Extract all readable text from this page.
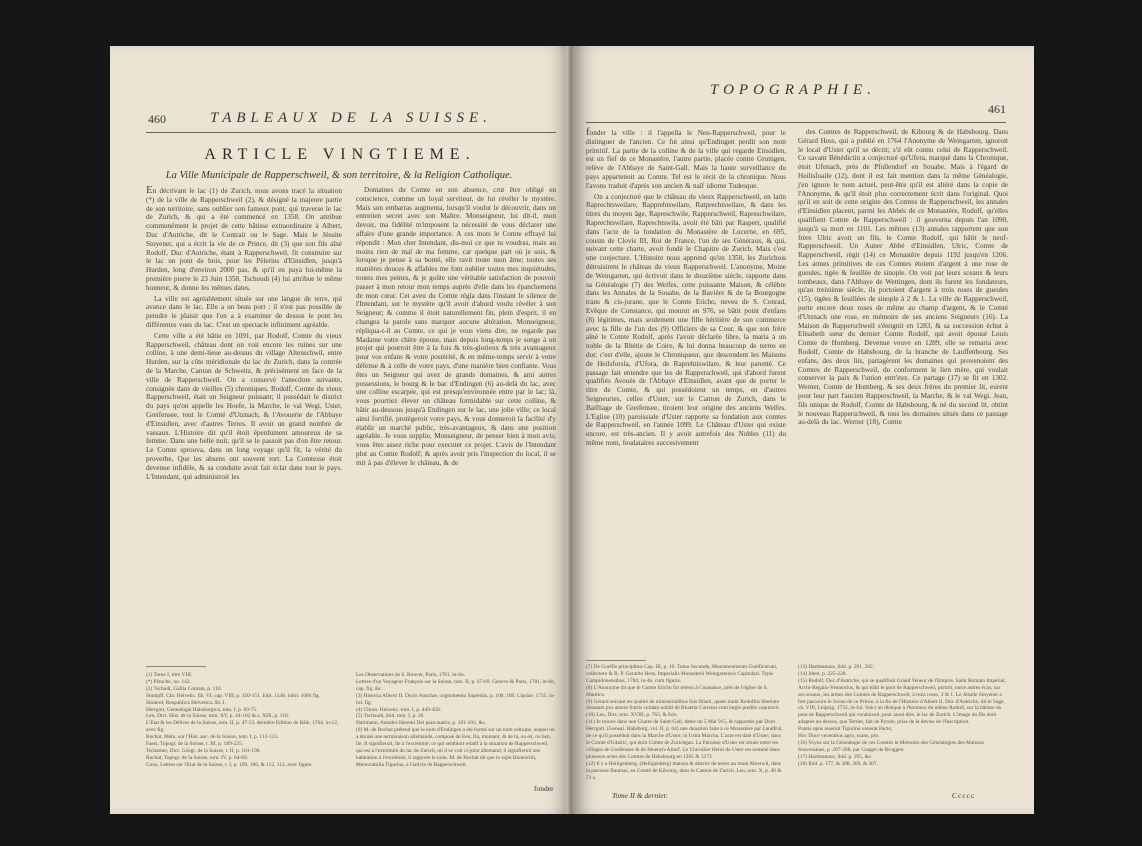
460	TABLEAUX DE LA SUISSE.
ARTICLE VINGTIEME.
La Ville Municipale de Rapperschweil, & son territoire, & la Religion Catholique.

En décrivant le lac (1) de Zurich, nous avons tracé la situation (*) de la ville de Rapperschweil (2), & désigné la majeure partie de son territoire, sans oublier son fameux pont, qui traverse le lac de Zurich, & qui a été commencé en 1358. On attribue communément le projet de cette bâtisse extraordinaire à Albert, Duc d'Autriche, dit le Contrait ou le Sage. Mais le Jésuite Stoyener, qui a écrit la vie de ce Prince, dit (3) que son fils aîné Rodolf, Duc d'Autriche, étant à Rapperschweil, fit construire sur le lac un pont de bois, pour les Pèlerins d'Einsidlen, jusqu'à Hurden, long d'environ 2000 pas, & qu'il en paya lui-même la première pierre le 23 Juin 1358. Tschoudi (4) lui attribue le même honneur, & donne les mêmes dates.

La ville est agréablement située sur une langue de terre, qui avance dans le lac. Elle a un beau port : il n'est pas possible de peindre le plaisir que l'on a à examiner de dessus le pont les différentes vues du lac. C'est un spectacle infiniment agréable.

Cette ville a été bâtie en 1091, par Rodolf, Comte du vieux Rapperschweil, château dont on voit encore les ruines sur une colline, à une demi-lieue au-dessus du village Altenschwil, entre Hurden, sur la côte méridionale du lac de Zurich, dans la contrée de la Marche, Canton de Schweitz, & précisément en face de la ville de Rapperschweil. On a conservé l'anecdote suivante, consignée dans de vieilles (5) chroniques. Rodolf, Comte du vieux Rapperschweil, était un Seigneur puissant; il possédait le district du pays qu'on appelle les Hoefe, la Marche, le val Wegi, Uster, Greifensee, tout le Comté d'Utznach, & l'Avouerie de l'Abbaye d'Einsidlen, avec d'autres Terres. Il avoit un grand nombre de vassaux. L'Histoire dit qu'il étoit éperdument amoureux de sa femme. Dans une belle nuit, qu'il se le passoit pas d'en être retour. Le Comte sprouva, dans un long voyage qu'il fit, la vérité du proverbe, Que les absens ont souvent tort. La Comtesse étoit devenue infidèle, & sa conduite avoit fait éclat dans tout le pays. L'Intendant, qui administroit les

Domaines du Comte en son absence, crut être obligé en conscience, comme un loyal serviteur, de lui révéler le mystère. Mais son embarras augmenta, lorsqu'il voulut le découvrir, dans un entretien secret avec son Maître. Monseigneur, lui dit-il, mon devoir, ma fidélité m'imposent la nécessité de vous déclarer une affaire d'une grande importance. A ces mots le Comte effrayé lui répondit : Mon cher Intendant, dis-moi ce que tu voudras, mais au moins rien de mal de ma femme, car quelque part où je sois, & lorsque je pense à sa bonté, elle ravit toute mon âme; toutes ses manières douces & affables me font oublier toutes mes inquiétudes, toutes mes peines, & je goûte une véritable satisfaction de pouvoir passer à mon retour mon temps auprès d'elle dans les épanchemens de mon cœur. Cet aveu du Comte régla dans l'instant le silence de l'Intendant, sur le mystère qu'il avoit d'abord voulu révéler à son Seigneur; & comme il étoit naturellement fin, plein d'esprit, il en changea la parole sans marquer aucune altération. Monseigneur, répliqua-t-il au Comte, ce qui je vous viens dire, ne regarde pas Madame votre chère épouse, mais depuis long-temps je songe à un projet qui pourroit être à la fois & très-glorieux & très avantageux pour vos enfans & votre postérité, & en même-temps servir à votre défense & à celle de votre pays, d'une manière bien confiante. Vous êtes un Seigneur qui avez de grands domaines, & ami autres possessions, le bourg & le bac d'Endingen (6) au-delà du lac, avec une colline escarpée, qui est presqu'environnée entre par le lac; là, vous pourriez élever un château formidable sur cette colline, & bâtir au-dessous jusqu'à Endingen sur le lac, une jolie ville; ce local ainsi fortifié, protégeroit votre pays, & vous donneroit la facilité d'y établir un marché public, très-avantageux, & dans une position agréable. Je vous supplie, Monseigneur, de penser bien à mon avis; vous êtes assez riche pour executer ce projet. L'avis de l'Intendant plut au Comte Rodolf; & après avoir pris l'inspection du local, il se mit à pas d'élever le château, & de

(1) Tome I, titre VIII.
(*) Planche, no. 142.
(2) Tschudi, Gallia Comata, p. 110.
Stumpff, Chr. Helvetic. lib. VI. cap. VIII, p. 150-151. Edit. 1548, infol. 1606 fig.
Simlerd, Respublica Helvetica. lib. I.
Herrgott, Genealogia Habsburgica, tom. I, p. 69-75.
Leu, Dict. Hist. de la Suisse, tom. XV, p. 44-102 & s. XIX, p. 118.
L'Etat & les Délices de la Suisse, tom. II, p. 47-53, dernière Edition de Bâle, 1764, in-12, avec fig.
Bochat, Mém. sur l'Hist. anc. de la Suisse, tom. I, p. 112-113.
Faesi, Topogr. de la Suisse, t. III, p. 189-225.
Tscharner, Dict. Géogr. de la Suisse, t. II, p. 101-190.
Ruchat, Topogr. de la Suisse, tom. IV, p. 64-69.
Coxe, Lettres sur l'Etat de la Suisse, t. I, p. 109, 106, & 112, 113, avec figure.
Les Observations de S. Rouvet, Paris, 1781, in-8o.
Lettres d'un Voyageur François sur la Suisse, tom. II, p. 67-69. Genève & Paris, 1781, in-8o, cap. fig. &c.
(3) Historia Alberti II. Ducis Austriae, cognomento Sapientis, p. 108, 169, Lipsiae, 1735, in-fol. fig.
(4) Chron. Helvetic. tom. I, p. 449-450.
(5) Tschoudi, ibid. tom. I, p. 20.
Hartmann, Annales Heremi Dei para matris, p. 101-103, &c.
(6) M. de Bochat prétend que le nom d'Endingen a été formé sur un nom celtique, auquel on a donné une terminaison allemande, composé de Een, fin, montant, & de ta, ou en, ou hen, île. Il signifieroit, île à l'extrémité; ce qui sembloit relatif à la situation de Rapperschweil, qui est à l'extrémité du lac de Zurich, où il se voit ci-joint allemand, il signifieroit une habitation à l'extrémité, il rapporte le nom. M. de Bochat dit que le sujet Bluntschli, Memorabilia Tigurina, à l'article de Rapperschweil.
fonder
TOPOGRAPHIE.
461

fonder la ville : il l'appella le Neu-Rapperschweil, pour le distinguer de l'ancien. Ce fut ainsi qu'Endingen perdit son nom primitif. La partie de la colline & de la ville qui regarde Einsidlen, est un fief de ce Monastère, l'autre partie, placée contre Grunigen, relève de l'Abbaye de Saint-Gall. Mais la haute surveillance du pays appartenoit au Comte. Tel est le récit de la chronique. Nous l'avons traduit d'après son ancien & naïf idiome Tudesque.

On a conjecturé que le château du vieux Rapperschweil, en latin Raprechtsweilare, Rapprehtswilare, Ratprechtswilare, & dans les titres du moyen âge, Rapreschwile, Rapperschweil, Rapreschwilare, Raprechtswilare, Raprechtswila, avoit été bâti par Raspert, qualifié dans l'acte de la fondation du Monastère de Lucerne, en 695, cousin de Clovis III, Roi de France, l'un de ses Généraux, & qui, suivant cette charte, avoit fondé le Chapitre de Zurich. Mais c'est une conjecture. L'Histoire nous apprend qu'en 1350, les Zurichois détruisirent le château du vieux Rapperschweil. L'anonyme, Moine de Weingarten, qui écrivoit dans le douzième siècle, rapporte dans sa Généalogie (7) des Welfes, cette puissante Maison, & célèbre dans les Annales de la Souabe, de la Bavière & de la Bourgogne trans & cis-jurane, que le Comte Eticho, neveu de S. Conrad, Evêque de Constance, qui mourut en 976, se bâtit point d'enfans (8) légitimes, mais seulement une fille héritière de son commerce avec la fille de l'un des (9) Officiers de sa Cour, & que son frère aîné le Comte Rodolf, après l'avoir déclarée libre, la maria à un noble de la Rhétie de Coire, & lui donna beaucoup de terres en dot; c'est d'elle, ajoute le Chroniqueur, que descendent les Maisons de Heilsforsla, d'Ufora, de Raprehtiswilare, & leur parenté. Ce passage fait entendre que les de Rapperschweil, qui d'abord furent qualifiés Avoués de l'Abbaye d'Einsidlen, avant que de porter le titre de Comte, & qui possédoient un temps, en d'autres Seigneuries, celles d'Uster, sur le Canton de Zurich, dans le Bailliage de Greifensee, tiroient leur origine des anciens Welfes. L'Eglise (10) paroissiale d'Uster rapporte sa fondation aux comtes de Rapperschweil, en l'année 1099. Le Château d'Uster qui existe encore, est très-ancien. Il y avoit autrefois des Nobles (11) du même nom, feudataires succesivement

des Comtes de Rapperschweil, de Kibourg & de Habsbourg. Dans Gérard Hess, qui a publié en 1764 l'Anonyme de Weingarten, ignoroit le local d'Uster qu'il se décrit; s'il eût connu celui de Rapperschweil. Ce savant Bénédictin a conjecturé qu'Ufera, marqué dans la Chronique, étoit Ufenach, près de Pfullendorf en Souabe. Mais à l'égard de Heilisfoaile (12), dont il est fait mention dans la même Généalogie, j'en ignore le nom actuel, peut-être qu'il est altéré dans la copie de l'Anonyme, & qu'il étoit plus correctement écrit dans l'original. Quoi qu'il en soit de cette origine des Comtes de Rapperschweil, les annales d'Einsidlen placent, parmi les Abbés de ce Monastère, Rodolf, qu'elles qualifient Comte de Rapperschweil : il gouverna depuis l'an 1090, jusqu'à sa mort en 1101. Les mêmes (13) annales rapportent que son frère Ulric avoit un fils, le Comte Rodolf, qui bâtit le neuf-Rapperschweil. Un Auner Abbé d'Einsidlen, Ulric, Comte de Rapperschweil, régit (14) ce Monastère depuis 1192 jusqu'en 1206. Les armes primitives de ces Comtes étoient d'argent à une rose de gueules, tigée & feuillée de sinople. On voit par leurs sceaux & leurs tombeaux, dans l'Abbaye de Wettingen, dont ils furent les fondateurs, qu'au treizième siècle, ils portoient d'argent à trois roses de gueules (15), tigées & feuillées de sinople à 2 & 1. La ville de Rapperschweil, porte encore deux roses de même au champ d'argent, & le Comté d'Utznach une rose, en mémoire de ses anciens Seigneurs (16). La Maison de Rapperschweil s'éteignit en 1283, & sa succession échut à Elisabeth sœur du dernier Comte Rodolf, qui avoit épousé Louis Comte de Homberg. Devenue veuve en 1289, elle se remaria avec Rodolf, Comte de Habsbourg, de la branche de Lauffenbourg. Ses enfans, des deux lits, partagèrent les domaines qui provenoient des Comtes de Rapperschweil, du conforment le lien mère, qui voulait conserver la paix & l'union entr'eux. Ce partage (17) se fit en 1302. Werner, Comte de Homberg, & ses deux frères du premier lit, eurent pour leur part l'ancien Rapperschweil, la Marche, & le val Wegi. Jean, fils unique de Rodolf, Comte de Habsbourg, & né du second lit, obtint le nouveau Rapperschweil, & tous les domaines situés dans ce passage au-delà du lac. Werner (18), Comte

(7) De Guelfis principibus Cap. III, p. 10. Tomo Secundo, Monumentorum Guelficorum, collectore & R. P. Gerardo Hess, Imperialis Monasterii Weingartensis Capitulari. Typis Campidonensibus, 1784; in-4o, cum figuris.
(8) L'Anonyme dit que le Comte Eticho fut retenu à Constance, près de l'église de S. Maurice.
(9) Gérard suivant en qualité de ministérialibus fuis filiam, quam tradit Rodolfus libertate donatam pro amore fratris cuidam nobili de Rhaetia Curiensi cum largis prediis copulavit.
(10) Leu, Dict. tom. XVIII, p. 763, & fuiv.
(11) Je trouve dans une Charte de Saint-Gall, datée du 5 Mai 915, & rapportée par Dom Herrgott, (Geneal. Habsburg, vol. II, p. 64) une donation faite à ce Monastère par Landfrid, de ce qu'il possédoit dans la Marche d'Uster, in Ustra Marcha. L'acte est daté d'Uster; dans le Comté d'Udalric, qui étoit Comte de Zurichgau. La Paroisse d'Uster est située entre les villages de Greifensee & de Muench-Altorf. Le Chevalier Henri de Uster est nommé dans plusieurs actes des Comtes de Habsbourg en 1265 & 1273.
(12) Il y a Heiligenberg, (Heiligenberg) maison & district de terres au mont Moerwil, dans la paroisse Baumas, au Comté de Kibourg, dans le Canton de Zurich. Leu, tom. X, p. 40 & 71 s.
(13) Hartmannus, ibid. p. 201, 202.
(14) Idem, p. 225-228.
(15) Rodolf, Duc d'Autriche, qui se qualifioit Grand Veneur de l'Empire, Saint Romain Impérial, Archi-Regalis-Venatorius, & qui bâtit le pont de Rapperschweil, portoit, outre autres écus, sur ses sceaux, les armes des Comtes de Rapperschweil, à trois roses, 2 & 1. Le Jésuite Stoyener a fort parcouru le Sceau de ce Prince, à la fin de l'Histoire d'Albert II, Duc d'Autriche, dit le Sage, ch. VIII, Leipzig, 1733, in-fol. Voici un distique à l'honneur du même Rodolf, sur la bâtisse du pont de Rapperschweil qui conduisoit, pour aussi dire, le lac de Zurich. L'image du fils étoit adaptée au-dessus, que Terrier, fait de Pyrole, prise de la devise de l'Inscription.
Pontis opus inseruit Tigurino venerat Pacto,
Hoc Duce venerabus agro, scans, pro.
(16) Voyez sur la Généalogie de ces Comtes le Mémoire des Généalogies des Maisons Souveraines, p. 207-208, par Guagel de Bruggen.
(17) Hartmannus, ibid. p. 295, &c.
(18) Ibid. p. 177, & 308, 309, & 307.
Tome II & dernier.	Ccccc
